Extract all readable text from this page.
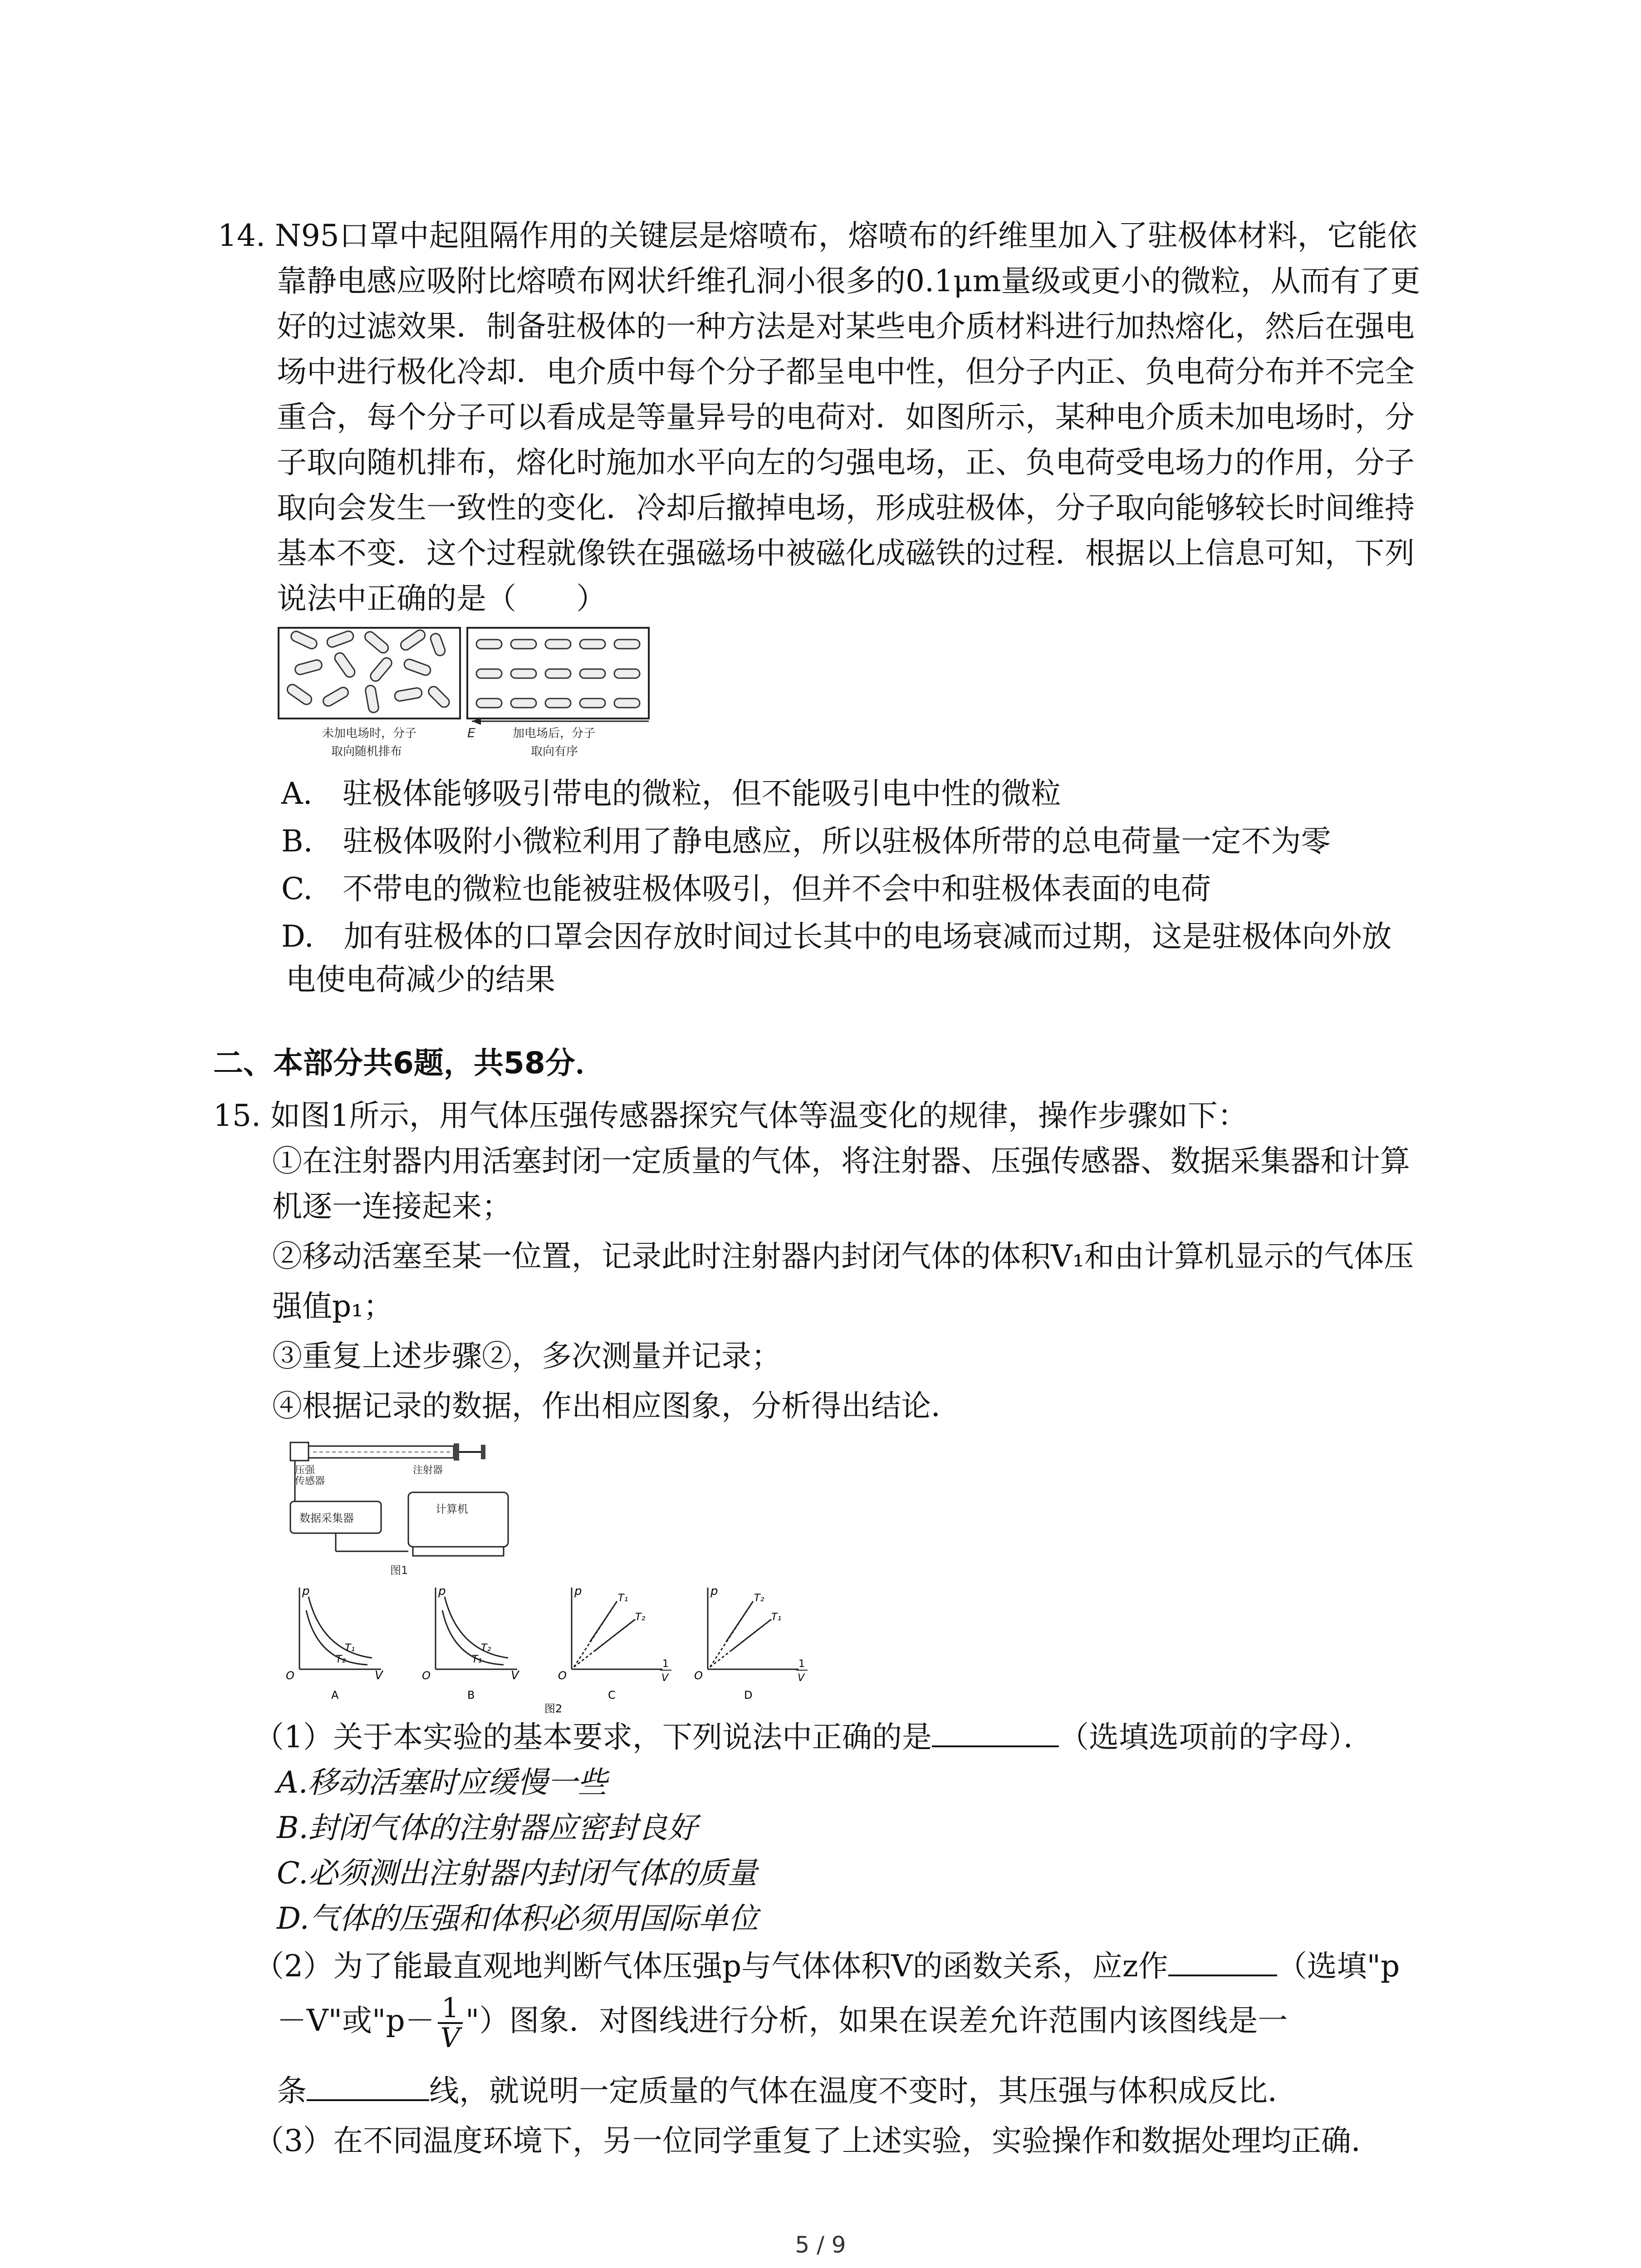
14. N95口罩中起阻隔作用的关键层是熔喷布，熔喷布的纤维里加入了驻极体材料，它能依
靠静电感应吸附比熔喷布网状纤维孔洞小很多的0.1μm量级或更小的微粒，从而有了更
好的过滤效果．制备驻极体的一种方法是对某些电介质材料进行加热熔化，然后在强电
场中进行极化冷却．电介质中每个分子都呈电中性，但分子内正、负电荷分布并不完全
重合，每个分子可以看成是等量异号的电荷对．如图所示，某种电介质未加电场时，分
子取向随机排布，熔化时施加水平向左的匀强电场，正、负电荷受电场力的作用，分子
取向会发生一致性的变化．冷却后撤掉电场，形成驻极体，分子取向能够较长时间维持
基本不变．这个过程就像铁在强磁场中被磁化成磁铁的过程．根据以上信息可知，下列
说法中正确的是（　　）
未加电场时，分子
取向随机排布
E	加电场后，分子
取向有序
A.　驻极体能够吸引带电的微粒，但不能吸引电中性的微粒
B.　驻极体吸附小微粒利用了静电感应，所以驻极体所带的总电荷量一定不为零
C.　不带电的微粒也能被驻极体吸引，但并不会中和驻极体表面的电荷
D.　加有驻极体的口罩会因存放时间过长其中的电场衰减而过期，这是驻极体向外放
电使电荷减少的结果
二、本部分共6题，共58分．
15. 如图1所示，用气体压强传感器探究气体等温变化的规律，操作步骤如下：
①在注射器内用活塞封闭一定质量的气体，将注射器、压强传感器、数据采集器和计算
机逐一连接起来；
②移动活塞至某一位置，记录此时注射器内封闭气体的体积V₁和由计算机显示的气体压
强值p₁；
③重复上述步骤②，多次测量并记录；
④根据记录的数据，作出相应图象，分析得出结论．
压强
传感器
注射器
数据采集器
计算机
图1
p
V
O
T₁
T₂
A
p
V
O
T₂
T₁
B
p
O
T₁
T₂
1
V
C
p
O
T₂
T₁
1
V
D
图2
（1）关于本实验的基本要求，下列说法中正确的是	（选填选项前的字母）．
A.移动活塞时应缓慢一些
B.封闭气体的注射器应密封良好
C.必须测出注射器内封闭气体的质量
D.气体的压强和体积必须用国际单位
（2）为了能最直观地判断气体压强p与气体体积V的函数关系，应z作	（选填"p
－V"或"$p- \frac{1}{V}$ "）图象．对图线进行分析，如果在误差允许范围内该图线是一
条	线，就说明一定质量的气体在温度不变时，其压强与体积成反比．
（3）在不同温度环境下，另一位同学重复了上述实验，实验操作和数据处理均正确．
5 / 9
